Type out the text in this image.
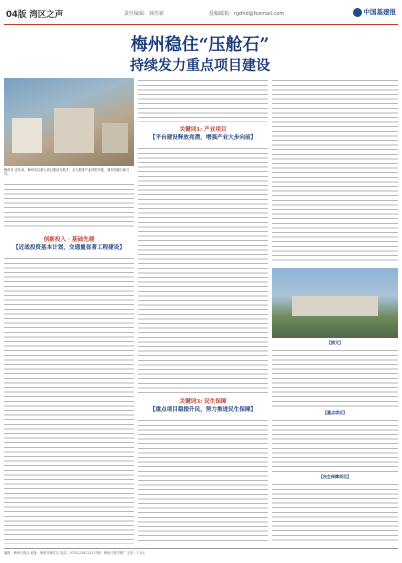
04版 湾区之声	责任编辑：韩佳新	投稿邮箱：rgdhd@foxmail.com	中国基建报
梅州稳住“压舱石”
持续发力重点项目建设
梅州市 近年来，梅州市以重大项目建设为抓手，全力推进产业转型升级，城市面貌日新月异。
创新投入 · 基础先建
【近战投资基本计划，交通量显著工程建设】
关键词1: 产业项目
【平台建设释放亮潜，增强产业大步向前】
关键词3: 民生保障
【重点项目稳提升民，努力推进民生保障】
【图文】
【重点项目】
【民生保障项目】
编辑：梅州日报社 地址：梅州市梅江区 电话：0753-2181111 印刷：梅州日报印刷厂 定价：1.5元
